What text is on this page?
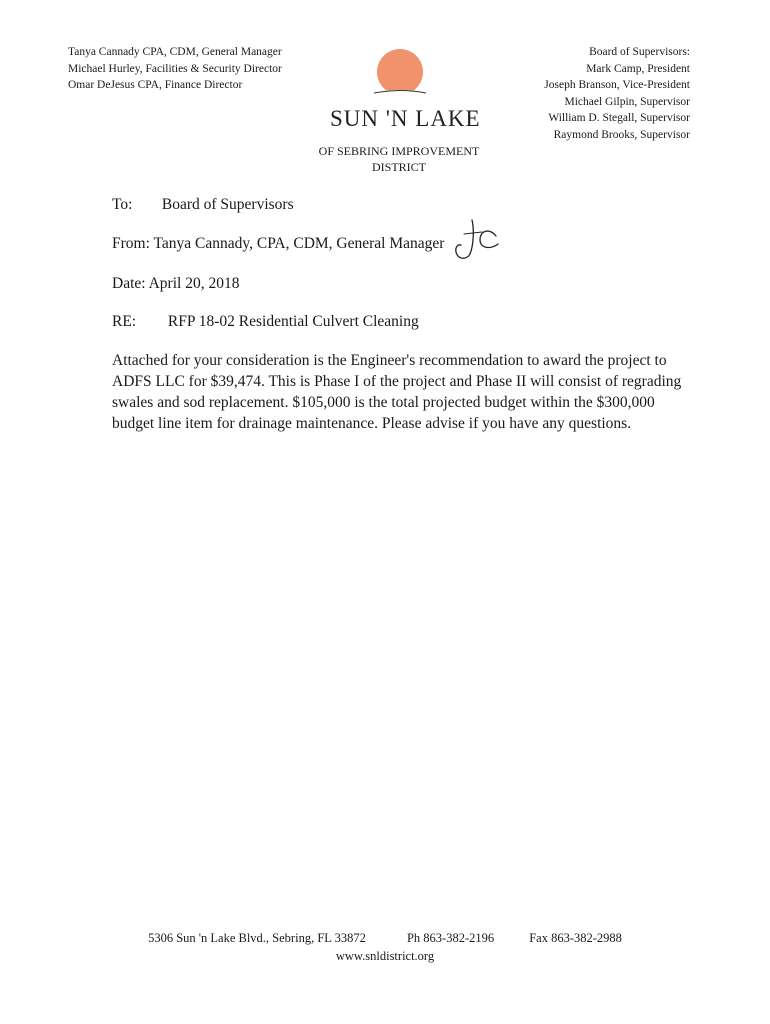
Tanya Cannady CPA, CDM, General Manager
Michael Hurley, Facilities & Security Director
Omar DeJesus CPA, Finance Director
SUN 'N LAKE
OF SEBRING IMPROVEMENT
DISTRICT
Board of Supervisors:
Mark Camp, President
Joseph Branson, Vice-President
Michael Gilpin, Supervisor
William D. Stegall, Supervisor
Raymond Brooks, Supervisor
To: Board of Supervisors
From: Tanya Cannady, CPA, CDM, General Manager
Date: April 20, 2018
RE: RFP 18-02 Residential Culvert Cleaning
Attached for your consideration is the Engineer's recommendation to award the project to ADFS LLC for $39,474. This is Phase I of the project and Phase II will consist of regrading swales and sod replacement. $105,000 is the total projected budget within the $300,000 budget line item for drainage maintenance. Please advise if you have any questions.
5306 Sun 'n Lake Blvd., Sebring, FL 33872	Ph 863-382-2196	Fax 863-382-2988
www.snldistrict.org
